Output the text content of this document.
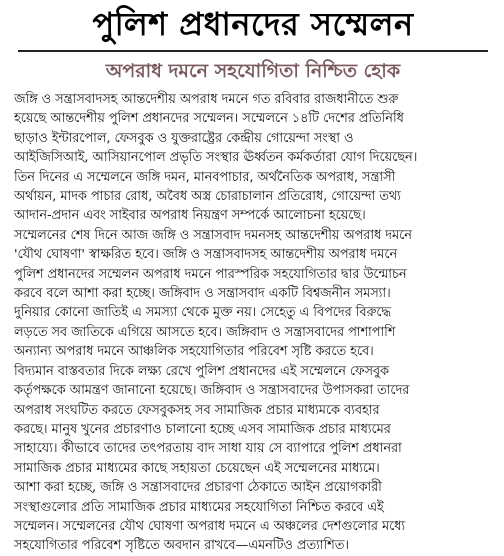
পুলিশ প্রধানদের সম্মেলন
অপরাধ দমনে সহযোগিতা নিশ্চিত হোক

জঙ্গি ও সন্ত্রাসবাদসহ আন্তদেশীয় অপরাধ দমনে গত রবিবার রাজধানীতে শুরু

হয়েছে আন্তদেশীয় পুলিশ প্রধানদের সম্মেলন। সম্মেলনে ১৪টি দেশের প্রতিনিধি

ছাড়াও ইন্টারপোল, ফেসবুক ও যুক্তরাষ্ট্রের কেন্দ্রীয় গোয়েন্দা সংস্থা ও

আইজিসিআই, আসিয়ানপোল প্রভৃতি সংস্থার ঊর্ধ্বতন কর্মকর্তারা যোগ দিয়েছেন।

তিন দিনের এ সম্মেলনে জঙ্গি দমন, মানবপাচার, অর্থনৈতিক অপরাধ, সন্ত্রাসী

অর্থায়ন, মাদক পাচার রোধ, অবৈধ অস্ত্র চোরাচালান প্রতিরোধ, গোয়েন্দা তথ্য

আদান-প্রদান এবং সাইবার অপরাধ নিয়ন্ত্রণ সম্পর্কে আলোচনা হয়েছে।

সম্মেলনের শেষ দিনে আজ জঙ্গি ও সন্ত্রাসবাদ দমনসহ আন্তদেশীয় অপরাধ দমনে

'যৌথ ঘোষণা' স্বাক্ষরিত হবে। জঙ্গি ও সন্ত্রাসবাদসহ আন্তদেশীয় অপরাধ দমনে

পুলিশ প্রধানদের সম্মেলন অপরাধ দমনে পারস্পরিক সহযোগিতার দ্বার উন্মোচন

করবে বলে আশা করা হচ্ছে। জঙ্গিবাদ ও সন্ত্রাসবাদ একটি বিশ্বজনীন সমস্যা।

দুনিয়ার কোনো জাতিই এ সমস্যা থেকে মুক্ত নয়। সেহেতু এ বিপদের বিরুদ্ধে

লড়তে সব জাতিকে এগিয়ে আসতে হবে। জঙ্গিবাদ ও সন্ত্রাসবাদের পাশাপাশি

অন্যান্য অপরাধ দমনে আঞ্চলিক সহযোগিতার পরিবেশ সৃষ্টি করতে হবে।

বিদ্যমান বাস্তবতার দিকে লক্ষ্য রেখে পুলিশ প্রধানদের এই সম্মেলনে ফেসবুক

কর্তৃপক্ষকে আমন্ত্রণ জানানো হয়েছে। জঙ্গিবাদ ও সন্ত্রাসবাদের উপাসকরা তাদের

অপরাধ সংঘটিত করতে ফেসবুকসহ সব সামাজিক প্রচার মাধ্যমকে ব্যবহার

করছে। মানুষ খুনের প্রচারণাও চালানো হচ্ছে এসব সামাজিক প্রচার মাধ্যমের

সাহায্যে। কীভাবে তাদের তৎপরতায় বাদ সাধা যায় সে ব্যাপারে পুলিশ প্রধানরা

সামাজিক প্রচার মাধ্যমের কাছে সহায়তা চেয়েছেন এই সম্মেলনের মাধ্যমে।

আশা করা হচ্ছে, জঙ্গি ও সন্ত্রাসবাদের প্রচারণা ঠেকাতে আইন প্রয়োগকারী

সংস্থাগুলোর প্রতি সামাজিক প্রচার মাধ্যমের সহযোগিতা নিশ্চিত করবে এই

সম্মেলন। সম্মেলনের যৌথ ঘোষণা অপরাধ দমনে এ অঞ্চলের দেশগুলোর মধ্যে

সহযোগিতার পরিবেশ সৃষ্টিতে অবদান রাখবে—এমনটিও প্রত্যাশিত।
